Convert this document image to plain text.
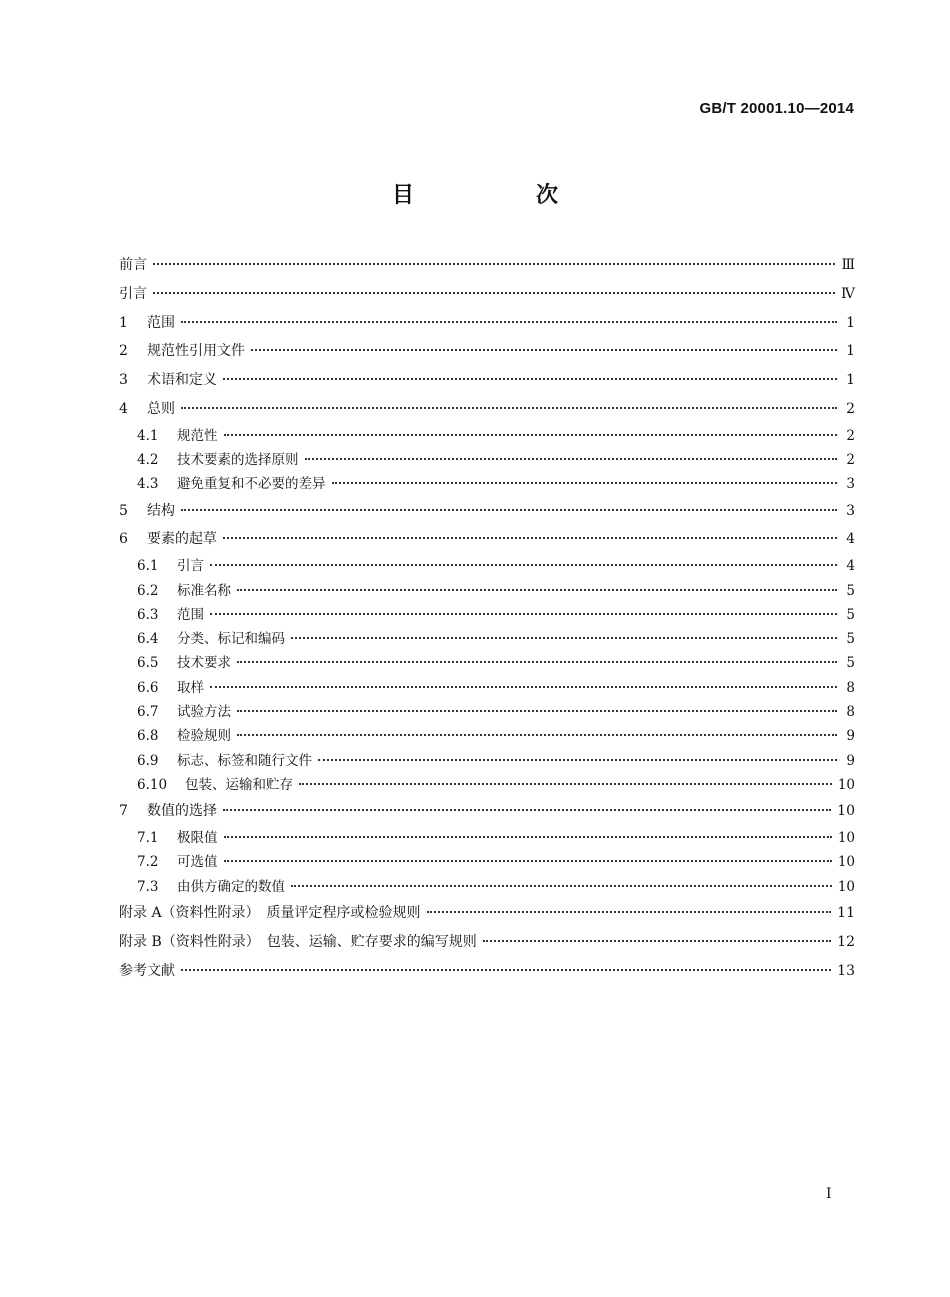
GB/T 20001.10—2014
目　次
前言	Ⅲ
引言	Ⅳ
1	范围	1
2	规范性引用文件	1
3	术语和定义	1
4	总则	2
4.1	规范性	2
4.2	技术要素的选择原则	2
4.3	避免重复和不必要的差异	3
5	结构	3
6	要素的起草	4
6.1	引言	4
6.2	标准名称	5
6.3	范围	5
6.4	分类、标记和编码	5
6.5	技术要求	5
6.6	取样	8
6.7	试验方法	8
6.8	检验规则	9
6.9	标志、标签和随行文件	9
6.10	包装、运输和贮存	10
7	数值的选择	10
7.1	极限值	10
7.2	可选值	10
7.3	由供方确定的数值	10
附录 A（资料性附录）　质量评定程序或检验规则	11
附录 B（资料性附录）　包装、运输、贮存要求的编写规则	12
参考文献	13
I
